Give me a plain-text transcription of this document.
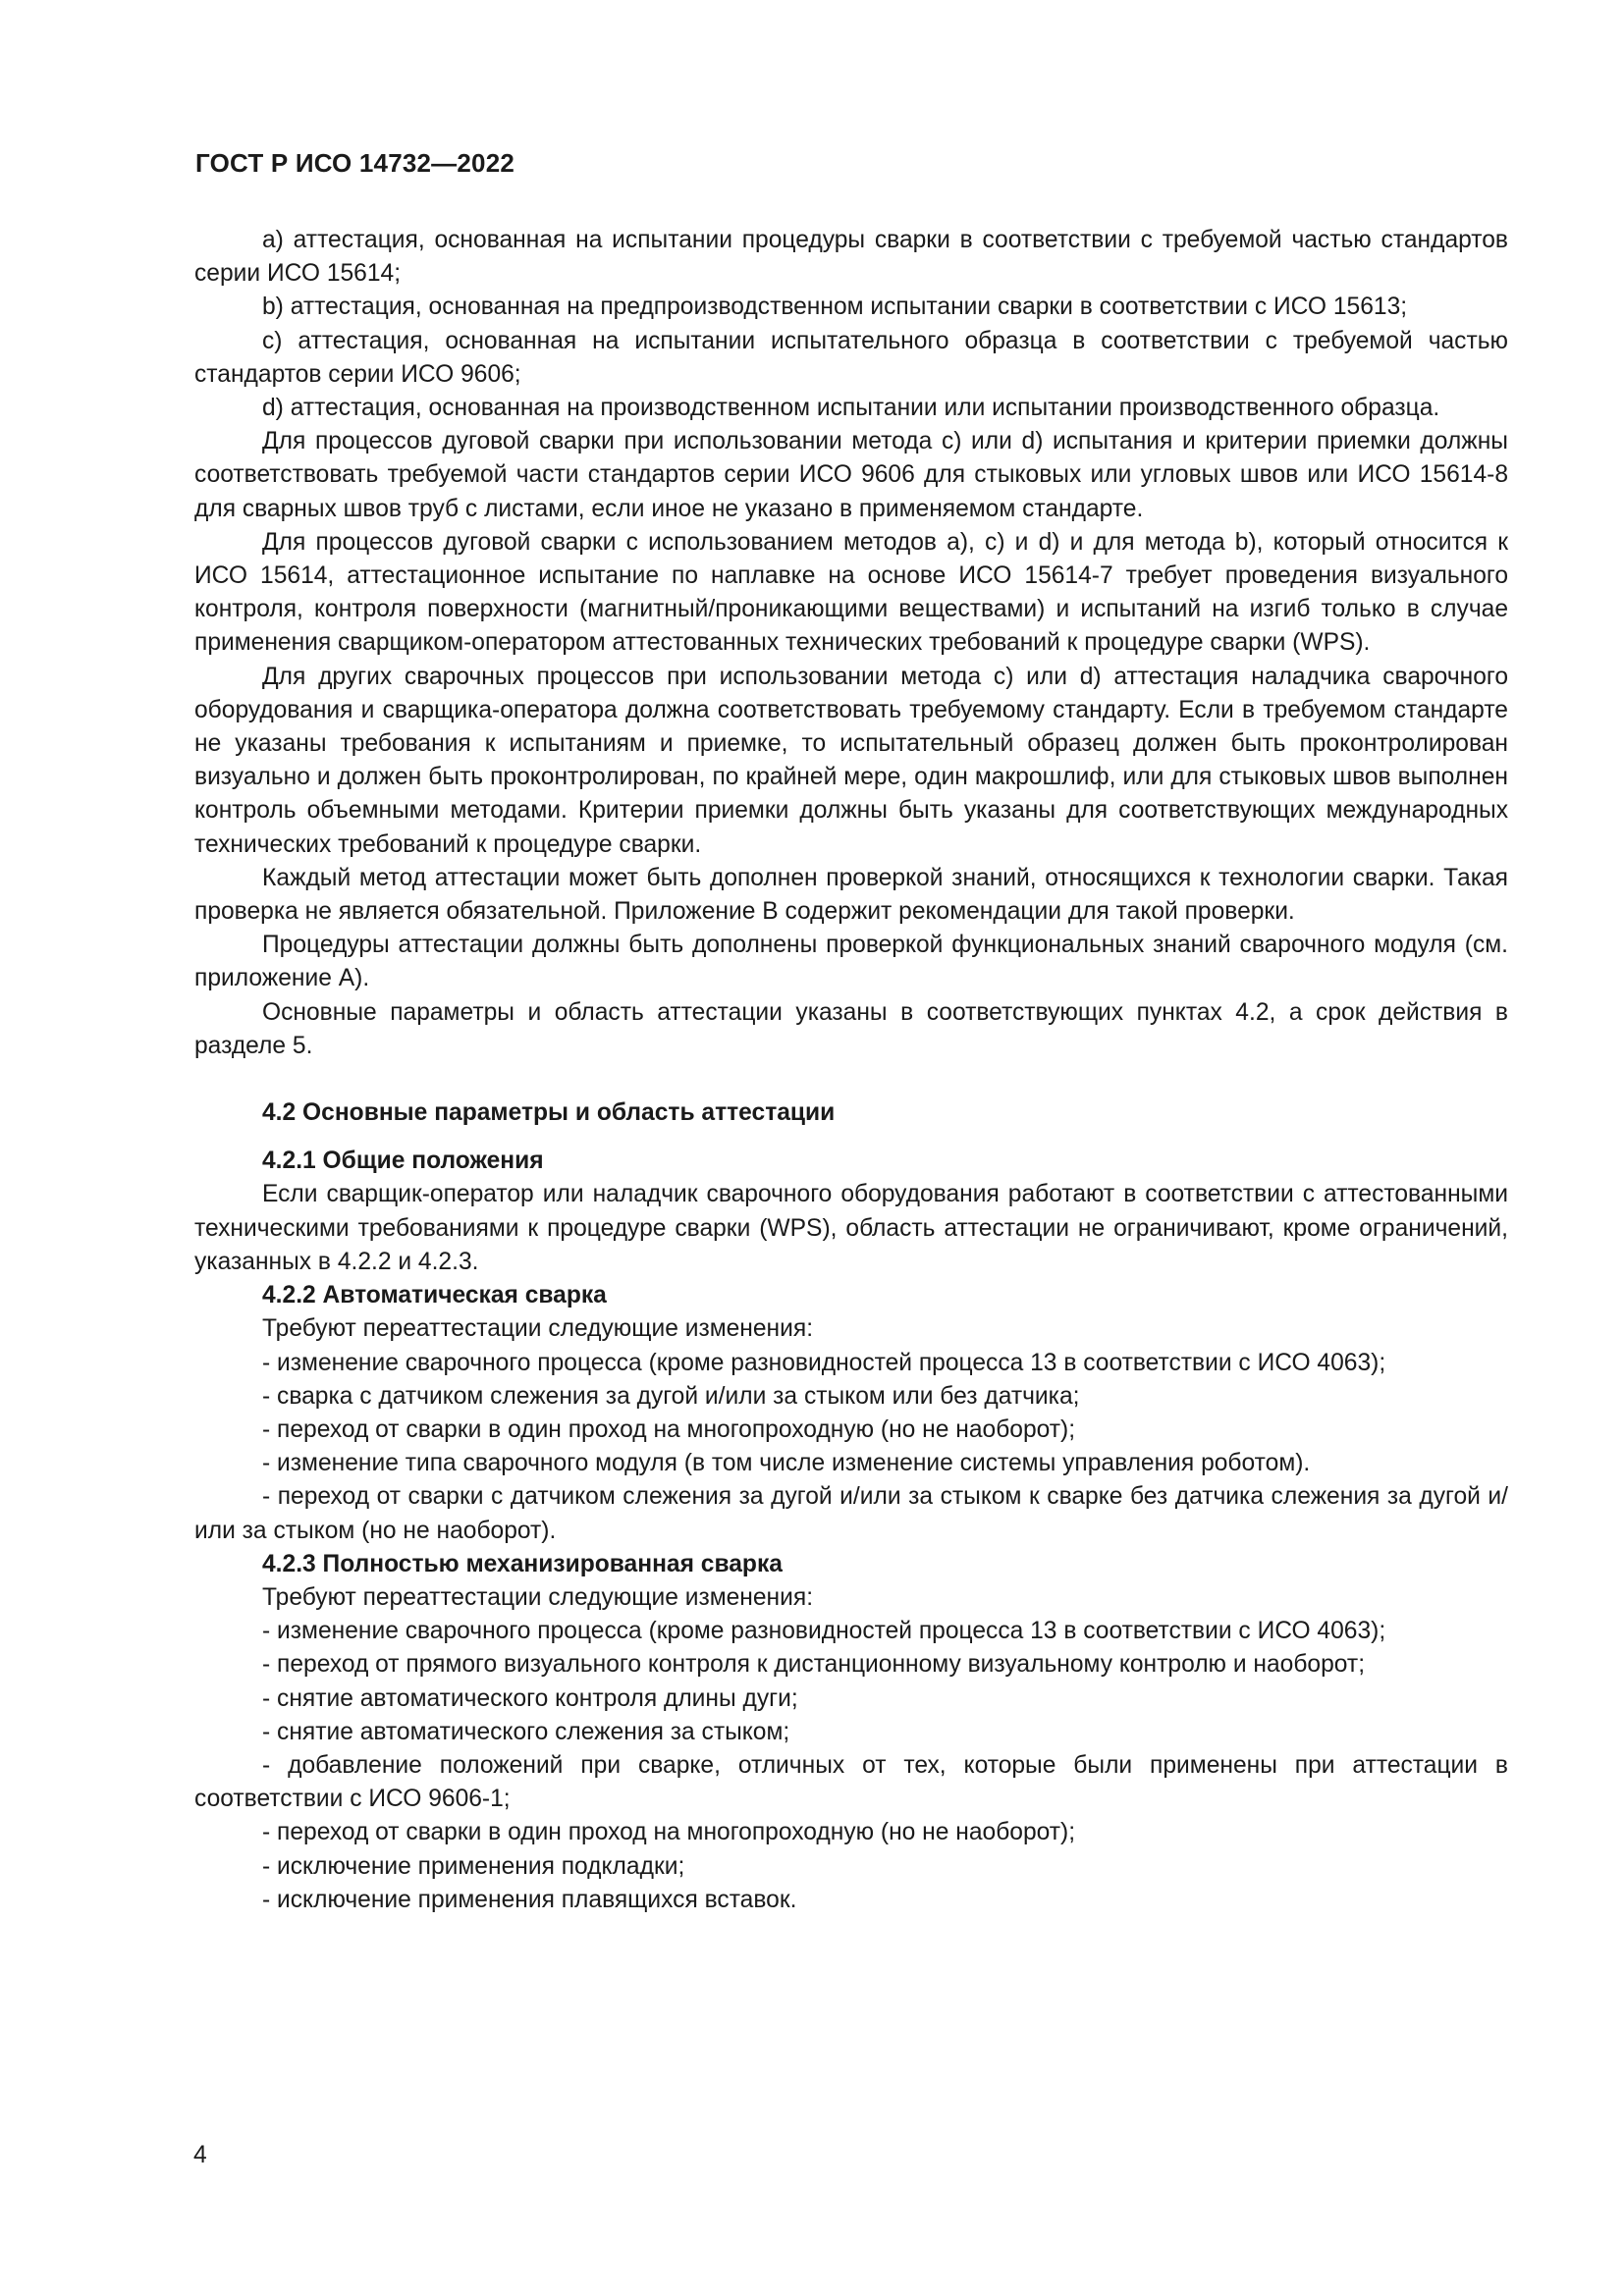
ГОСТ Р ИСО 14732—2022

a) аттестация, основанная на испытании процедуры сварки в соответствии с требуемой частью стандартов серии ИСО 15614;

b) аттестация, основанная на предпроизводственном испытании сварки в соответствии с ИСО 15613;

c) аттестация, основанная на испытании испытательного образца в соответствии с требуемой частью стандартов серии ИСО 9606;

d) аттестация, основанная на производственном испытании или испытании производственного образца.

Для процессов дуговой сварки при использовании метода c) или d) испытания и критерии приемки должны соответствовать требуемой части стандартов серии ИСО 9606 для стыковых или угловых швов или ИСО 15614-8 для сварных швов труб с листами, если иное не указано в применяемом стандарте.

Для процессов дуговой сварки с использованием методов a), c) и d) и для метода b), который относится к ИСО 15614, аттестационное испытание по наплавке на основе ИСО 15614-7 требует проведения визуального контроля, контроля поверхности (магнитный/проникающими веществами) и испытаний на изгиб только в случае применения сварщиком-оператором аттестованных технических требований к процедуре сварки (WPS).

Для других сварочных процессов при использовании метода c) или d) аттестация наладчика сварочного оборудования и сварщика-оператора должна соответствовать требуемому стандарту. Если в требуемом стандарте не указаны требования к испытаниям и приемке, то испытательный образец должен быть проконтролирован визуально и должен быть проконтролирован, по крайней мере, один макрошлиф, или для стыковых швов выполнен контроль объемными методами. Критерии приемки должны быть указаны для соответствующих международных технических требований к процедуре сварки.

Каждый метод аттестации может быть дополнен проверкой знаний, относящихся к технологии сварки. Такая проверка не является обязательной. Приложение В содержит рекомендации для такой проверки.

Процедуры аттестации должны быть дополнены проверкой функциональных знаний сварочного модуля (см. приложение А).

Основные параметры и область аттестации указаны в соответствующих пунктах 4.2, а срок действия в разделе 5.

4.2 Основные параметры и область аттестации
4.2.1 Общие положения

Если сварщик-оператор или наладчик сварочного оборудования работают в соответствии с аттестованными техническими требованиями к процедуре сварки (WPS), область аттестации не ограничивают, кроме ограничений, указанных в 4.2.2 и 4.2.3.

4.2.2 Автоматическая сварка

Требуют переаттестации следующие изменения:

- изменение сварочного процесса (кроме разновидностей процесса 13 в соответствии с ИСО 4063);

- сварка с датчиком слежения за дугой и/или за стыком или без датчика;

- переход от сварки в один проход на многопроходную (но не наоборот);

- изменение типа сварочного модуля (в том числе изменение системы управления роботом).

- переход от сварки с датчиком слежения за дугой и/или за стыком к сварке без датчика слежения за дугой и/или за стыком (но не наоборот).

4.2.3 Полностью механизированная сварка

Требуют переаттестации следующие изменения:

- изменение сварочного процесса (кроме разновидностей процесса 13 в соответствии с ИСО 4063);

- переход от прямого визуального контроля к дистанционному визуальному контролю и наоборот;

- снятие автоматического контроля длины дуги;

- снятие автоматического слежения за стыком;

- добавление положений при сварке, отличных от тех, которые были применены при аттестации в соответствии с ИСО 9606-1;

- переход от сварки в один проход на многопроходную (но не наоборот);

- исключение применения подкладки;

- исключение применения плавящихся вставок.

4
